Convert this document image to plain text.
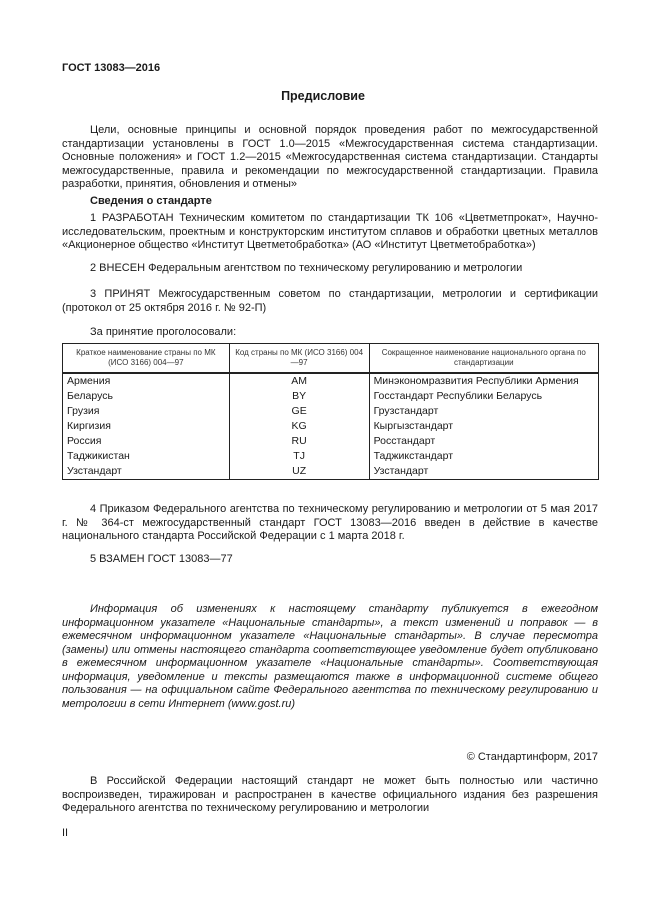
ГОСТ 13083—2016
Предисловие

Цели, основные принципы и основной порядок проведения работ по межгосударственной стандартизации установлены в ГОСТ 1.0—2015 «Межгосударственная система стандартизации. Основные положения» и ГОСТ 1.2—2015 «Межгосударственная система стандартизации. Стандарты межгосударственные, правила и рекомендации по межгосударственной стандартизации. Правила разработки, принятия, обновления и отмены»

Сведения о стандарте

1 РАЗРАБОТАН Техническим комитетом по стандартизации ТК 106 «Цветметпрокат», Научно-исследовательским, проектным и конструкторским институтом сплавов и обработки цветных металлов «Акционерное общество «Институт Цветметобработка» (АО «Институт Цветметобработка»)

2 ВНЕСЕН Федеральным агентством по техническому регулированию и метрологии

3 ПРИНЯТ Межгосударственным советом по стандартизации, метрологии и сертификации (протокол от 25 октября 2016 г. № 92-П)

За принятие проголосовали:

Краткое наименование страны по МК (ИСО 3166) 004—97	Код страны по МК (ИСО 3166) 004—97	Сокращенное наименование национального органа по стандартизации
Армения	AM	Минэкономразвития Республики Армения
Беларусь	BY	Госстандарт Республики Беларусь
Грузия	GE	Грузстандарт
Киргизия	KG	Кыргызстандарт
Россия	RU	Росстандарт
Таджикистан	TJ	Таджикстандарт
Узстандарт	UZ	Узстандарт

4 Приказом Федерального агентства по техническому регулированию и метрологии от 5 мая 2017 г. № 364-ст межгосударственный стандарт ГОСТ 13083—2016 введен в действие в качестве национального стандарта Российской Федерации с 1 марта 2018 г.

5 ВЗАМЕН ГОСТ 13083—77

Информация об изменениях к настоящему стандарту публикуется в ежегодном информационном указателе «Национальные стандарты», а текст изменений и поправок — в ежемесячном информационном указателе «Национальные стандарты». В случае пересмотра (замены) или отмены настоящего стандарта соответствующее уведомление будет опубликовано в ежемесячном информационном указателе «Национальные стандарты». Соответствующая информация, уведомление и тексты размещаются также в информационной системе общего пользования — на официальном сайте Федерального агентства по техническому регулированию и метрологии в сети Интернет (www.gost.ru)

© Стандартинформ, 2017

В Российской Федерации настоящий стандарт не может быть полностью или частично воспроизведен, тиражирован и распространен в качестве официального издания без разрешения Федерального агентства по техническому регулированию и метрологии

II
